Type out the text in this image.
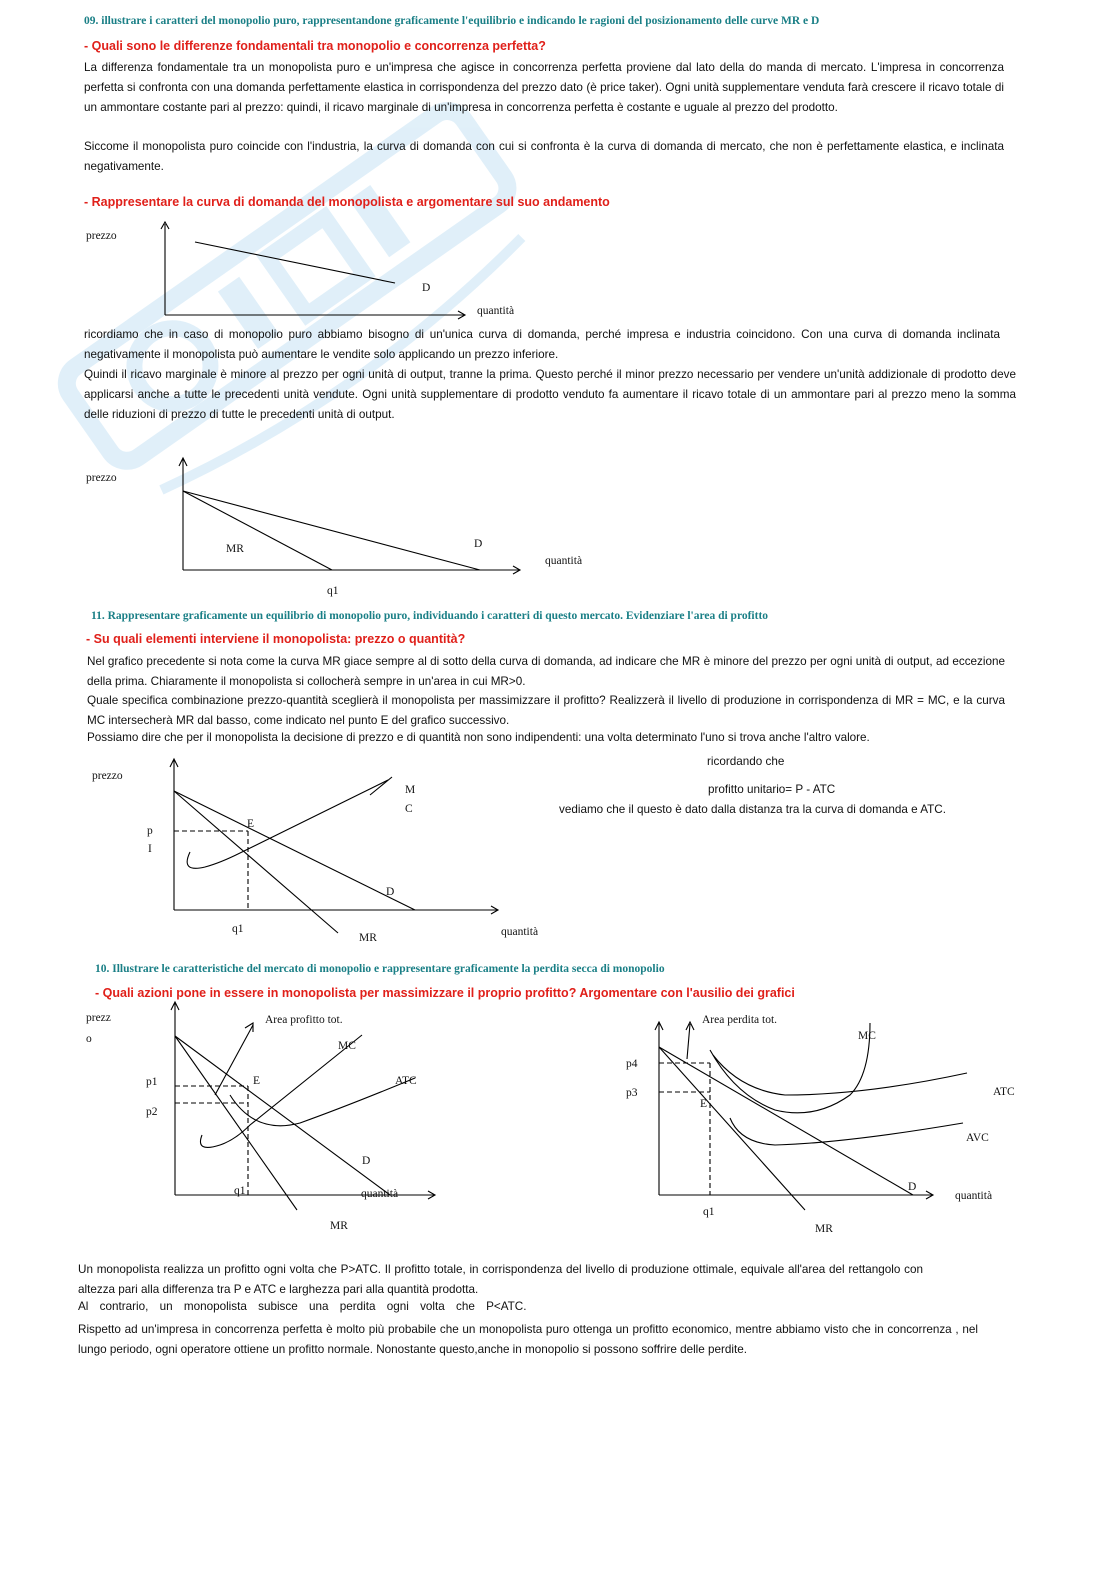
09. illustrare i caratteri del monopolio puro, rappresentandone graficamente l'equilibrio e indicando le ragioni del posizionamento delle curve MR e D
- Quali sono le differenze fondamentali tra monopolio e concorrenza perfetta?
La differenza fondamentale tra un monopolista puro e un'impresa che agisce in concorrenza perfetta proviene dal lato della do manda di mercato. L'impresa in concorrenza perfetta si confronta con una domanda perfettamente elastica in corrispondenza del prezzo dato (è price taker). Ogni unità supplementare venduta farà crescere il ricavo totale di un ammontare costante pari al prezzo: quindi, il ricavo marginale di un'impresa in concorrenza perfetta è costante e uguale al prezzo del prodotto.
Siccome il monopolista puro coincide con l'industria, la curva di domanda con cui si confronta è la curva di domanda di mercato, che non è perfettamente elastica, e inclinata negativamente.
- Rappresentare la curva di domanda del monopolista e argomentare sul suo andamento
prezzo
D
quantità
ricordiamo che in caso di monopolio puro abbiamo bisogno di un'unica curva di domanda, perché impresa e industria coincidono. Con una curva di domanda inclinata negativamente il monopolista può aumentare le vendite solo applicando un prezzo inferiore.
Quindi il ricavo marginale è minore al prezzo per ogni unità di output, tranne la prima. Questo perché il minor prezzo necessario per vendere un'unità addizionale di prodotto deve applicarsi anche a tutte le precedenti unità vendute. Ogni unità supplementare di prodotto venduto fa aumentare il ricavo totale di un ammontare pari al prezzo meno la somma delle riduzioni di prezzo di tutte le precedenti unità di output.
prezzo
MR	D
quantità
q1
11. Rappresentare graficamente un equilibrio di monopolio puro, individuando i caratteri di questo mercato. Evidenziare l'area di profitto
- Su quali elementi interviene il monopolista: prezzo o quantità?
Nel grafico precedente si nota come la curva MR giace sempre al di sotto della curva di domanda, ad indicare che MR è minore del prezzo per ogni unità di output, ad eccezione della prima. Chiaramente il monopolista si collocherà sempre in un'area in cui MR>0.
Quale specifica combinazione prezzo-quantità sceglierà il monopolista per massimizzare il profitto? Realizzerà il livello di produzione in corrispondenza di MR = MC, e la curva MC intersecherà MR dal basso, come indicato nel punto E del grafico successivo.
Possiamo dire che per il monopolista la decisione di prezzo e di quantità non sono indipendenti: una volta determinato l'uno si trova anche l'altro valore.
ricordando che
profitto unitario= P - ATC
vediamo che il questo è dato dalla distanza tra la curva di domanda e ATC.
prezzo
M
C
E
p
I
D
q1
MR	quantità
10. Illustrare le caratteristiche del mercato di monopolio e rappresentare graficamente la perdita secca di monopolio
- Quali azioni pone in essere in monopolista per massimizzare il proprio profitto? Argomentare con l'ausilio dei grafici
prezz
o
Area profitto tot.
MC
p1	E	ATC
p2
D
q1	quantità
MR
Area perdita tot.
MC
p4
p3	ATC
E
AVC
D
quantità
q1
MR
Un monopolista realizza un profitto ogni volta che P>ATC. Il profitto totale, in corrispondenza del livello di produzione ottimale, equivale all'area del rettangolo con altezza pari alla differenza tra P e ATC e larghezza pari alla quantità prodotta.
Al contrario, un monopolista subisce una perdita ogni volta che P<ATC.
Rispetto ad un'impresa in concorrenza perfetta è molto più probabile che un monopolista puro ottenga un profitto economico, mentre abbiamo visto che in concorrenza , nel lungo periodo, ogni operatore ottiene un profitto normale. Nonostante questo,anche in monopolio si possono soffrire delle perdite.
